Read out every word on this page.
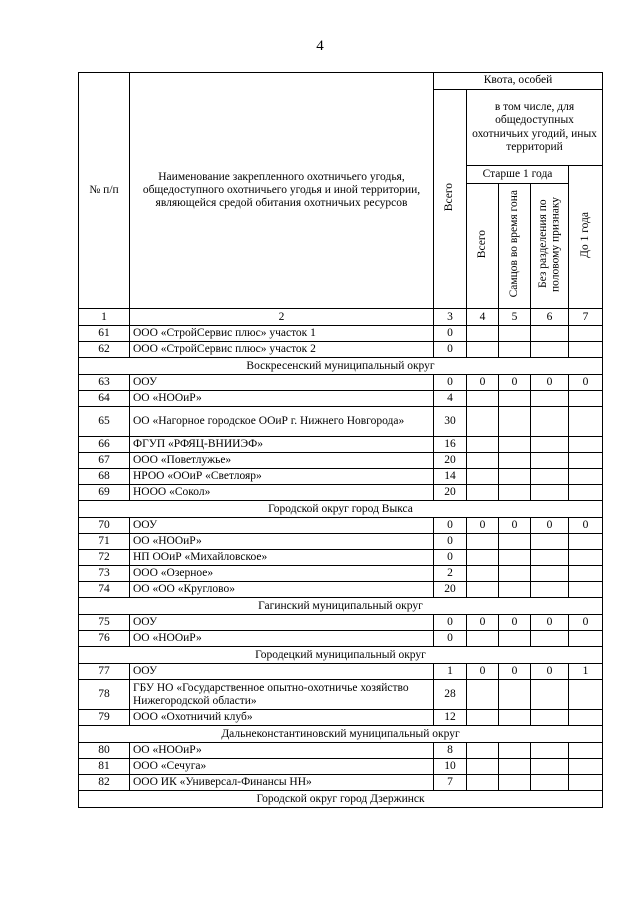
4
№ п/п	Наименование закрепленного охотничьего угодья, общедоступного охотничьего угодья и иной территории, являющейся средой обитания охотничьих ресурсов	Квота, особей				
		Всего	в том числе, для общедоступных охотничьих угодий, иных территорий			
			Старше 1 года			До 1 года
			Всего	Самцов во время гона	Без разделения по половому признаку	
1	2	3	4	5	6	7
61	ООО «СтройСервис плюс» участок 1	0				
62	ООО «СтройСервис плюс» участок 2	0				
Воскресенский муниципальный округ						
63	ООУ	0	0	0	0	0
64	ОО «НООиР»	4				
65	ОО «Нагорное городское ООиР г. Нижнего Новгорода»	30				
66	ФГУП «РФЯЦ-ВНИИЭФ»	16				
67	ООО «Поветлужье»	20				
68	НРОО «ООиР «Светлояр»	14				
69	НООО «Сокол»	20				
Городской округ город Выкса						
70	ООУ	0	0	0	0	0
71	ОО «НООиР»	0				
72	НП ООиР «Михайловское»	0				
73	ООО «Озерное»	2				
74	ОО «ОО «Круглово»	20				
Гагинский муниципальный округ						
75	ООУ	0	0	0	0	0
76	ОО «НООиР»	0				
Городецкий муниципальный округ						
77	ООУ	1	0	0	0	1
78	ГБУ НО «Государственное опытно-охотничье хозяйство Нижегородской области»	28				
79	ООО «Охотничий клуб»	12				
Дальнеконстантиновский муниципальный округ						
80	ОО «НООиР»	8				
81	ООО «Сечуга»	10				
82	ООО ИК «Универсал-Финансы НН»	7				
Городской округ город Дзержинск						
